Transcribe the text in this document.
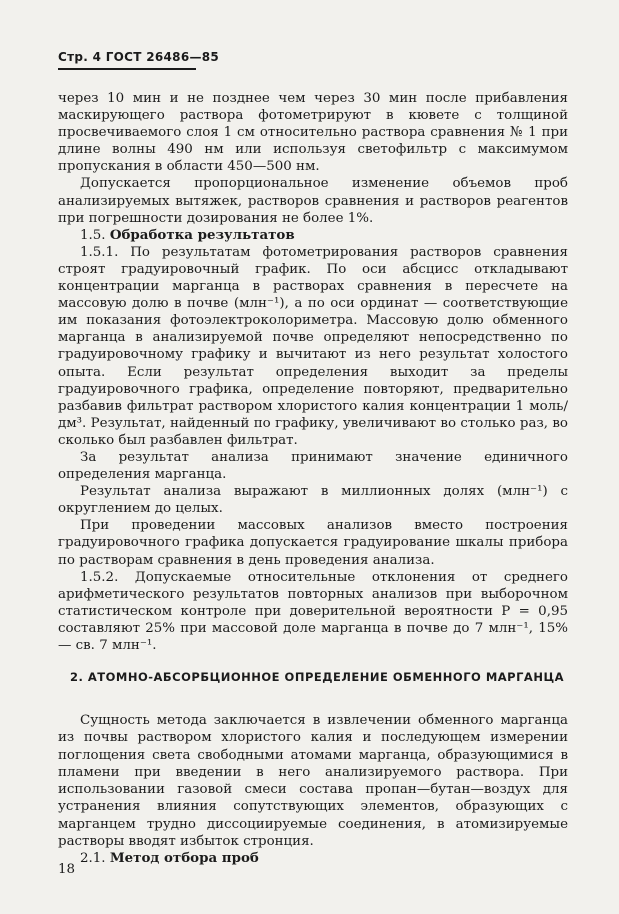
Стр. 4 ГОСТ 26486—85

через 10 мин и не позднее чем через 30 мин после прибавления маскирующего раствора фотометрируют в кювете с толщиной просвечиваемого слоя 1 см относительно раствора сравнения № 1 при длине волны 490 нм или используя светофильтр с максимумом пропускания в области 450—500 нм.

Допускается пропорциональное изменение объемов проб анализируемых вытяжек, растворов сравнения и растворов реагентов при погрешности дозирования не более 1%.

1.5. Обработка результатов

1.5.1. По результатам фотометрирования растворов сравнения строят градуировочный график. По оси абсцисс откладывают концентрации марганца в растворах сравнения в пересчете на массовую долю в почве (млн⁻¹), а по оси ординат — соответствующие им показания фотоэлектроколориметра. Массовую долю обменного марганца в анализируемой почве определяют непосредственно по градуировочному графику и вычитают из него результат холостого опыта. Если результат определения выходит за пределы градуировочного графика, определение повторяют, предварительно разбавив фильтрат раствором хлористого калия концентрации 1 моль/дм³. Результат, найденный по графику, увеличивают во столько раз, во сколько был разбавлен фильтрат.

За результат анализа принимают значение единичного определения марганца.

Результат анализа выражают в миллионных долях (млн⁻¹) с округлением до целых.

При проведении массовых анализов вместо построения градуировочного графика допускается градуирование шкалы прибора по растворам сравнения в день проведения анализа.

1.5.2. Допускаемые относительные отклонения от среднего арифметического результатов повторных анализов при выборочном статистическом контроле при доверительной вероятности P = 0,95 составляют 25% при массовой доле марганца в почве до 7 млн⁻¹, 15% — св. 7 млн⁻¹.

2. АТОМНО-АБСОРБЦИОННОЕ ОПРЕДЕЛЕНИЕ ОБМЕННОГО МАРГАНЦА

Сущность метода заключается в извлечении обменного марганца из почвы раствором хлористого калия и последующем измерении поглощения света свободными атомами марганца, образующимися в пламени при введении в него анализируемого раствора. При использовании газовой смеси состава пропан—бутан—воздух для устранения влияния сопутствующих элементов, образующих с марганцем трудно диссоциируемые соединения, в атомизируемые растворы вводят избыток стронция.

2.1. Метод отбора проб

18
